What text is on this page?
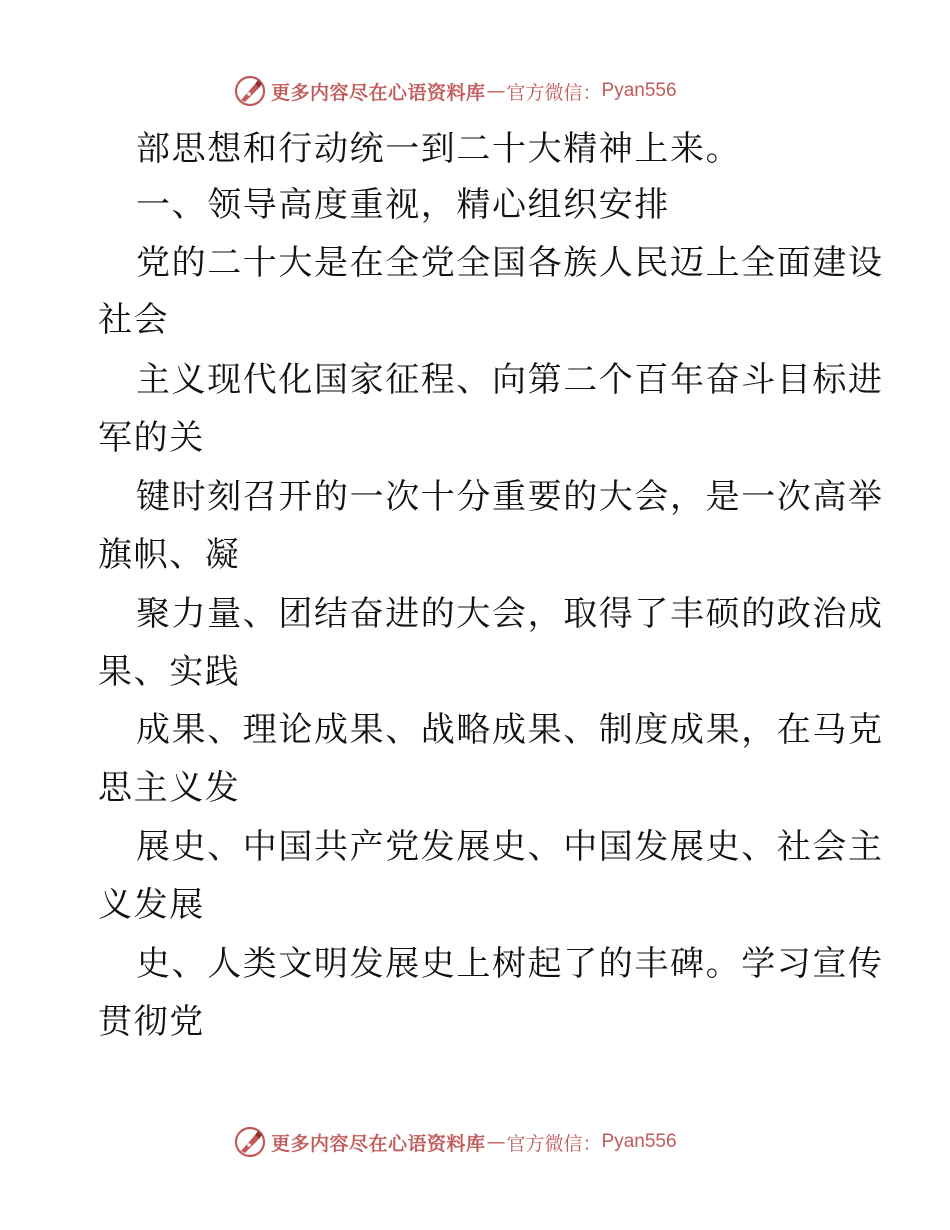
更多内容尽在心语资料库 — 官方微信： Pyan556
部思想和行动统一到二十大精神上来。
一、领导高度重视，精心组织安排
党的二十大是在全党全国各族人民迈上全面建设
社会
主义现代化国家征程、向第二个百年奋斗目标进
军的关
键时刻召开的一次十分重要的大会，是一次高举
旗帜、凝
聚力量、团结奋进的大会，取得了丰硕的政治成
果、实践
成果、理论成果、战略成果、制度成果，在马克
思主义发
展史、中国共产党发展史、中国发展史、社会主
义发展
史、人类文明发展史上树起了的丰碑。学习宣传
贯彻党
更多内容尽在心语资料库 — 官方微信： Pyan556
